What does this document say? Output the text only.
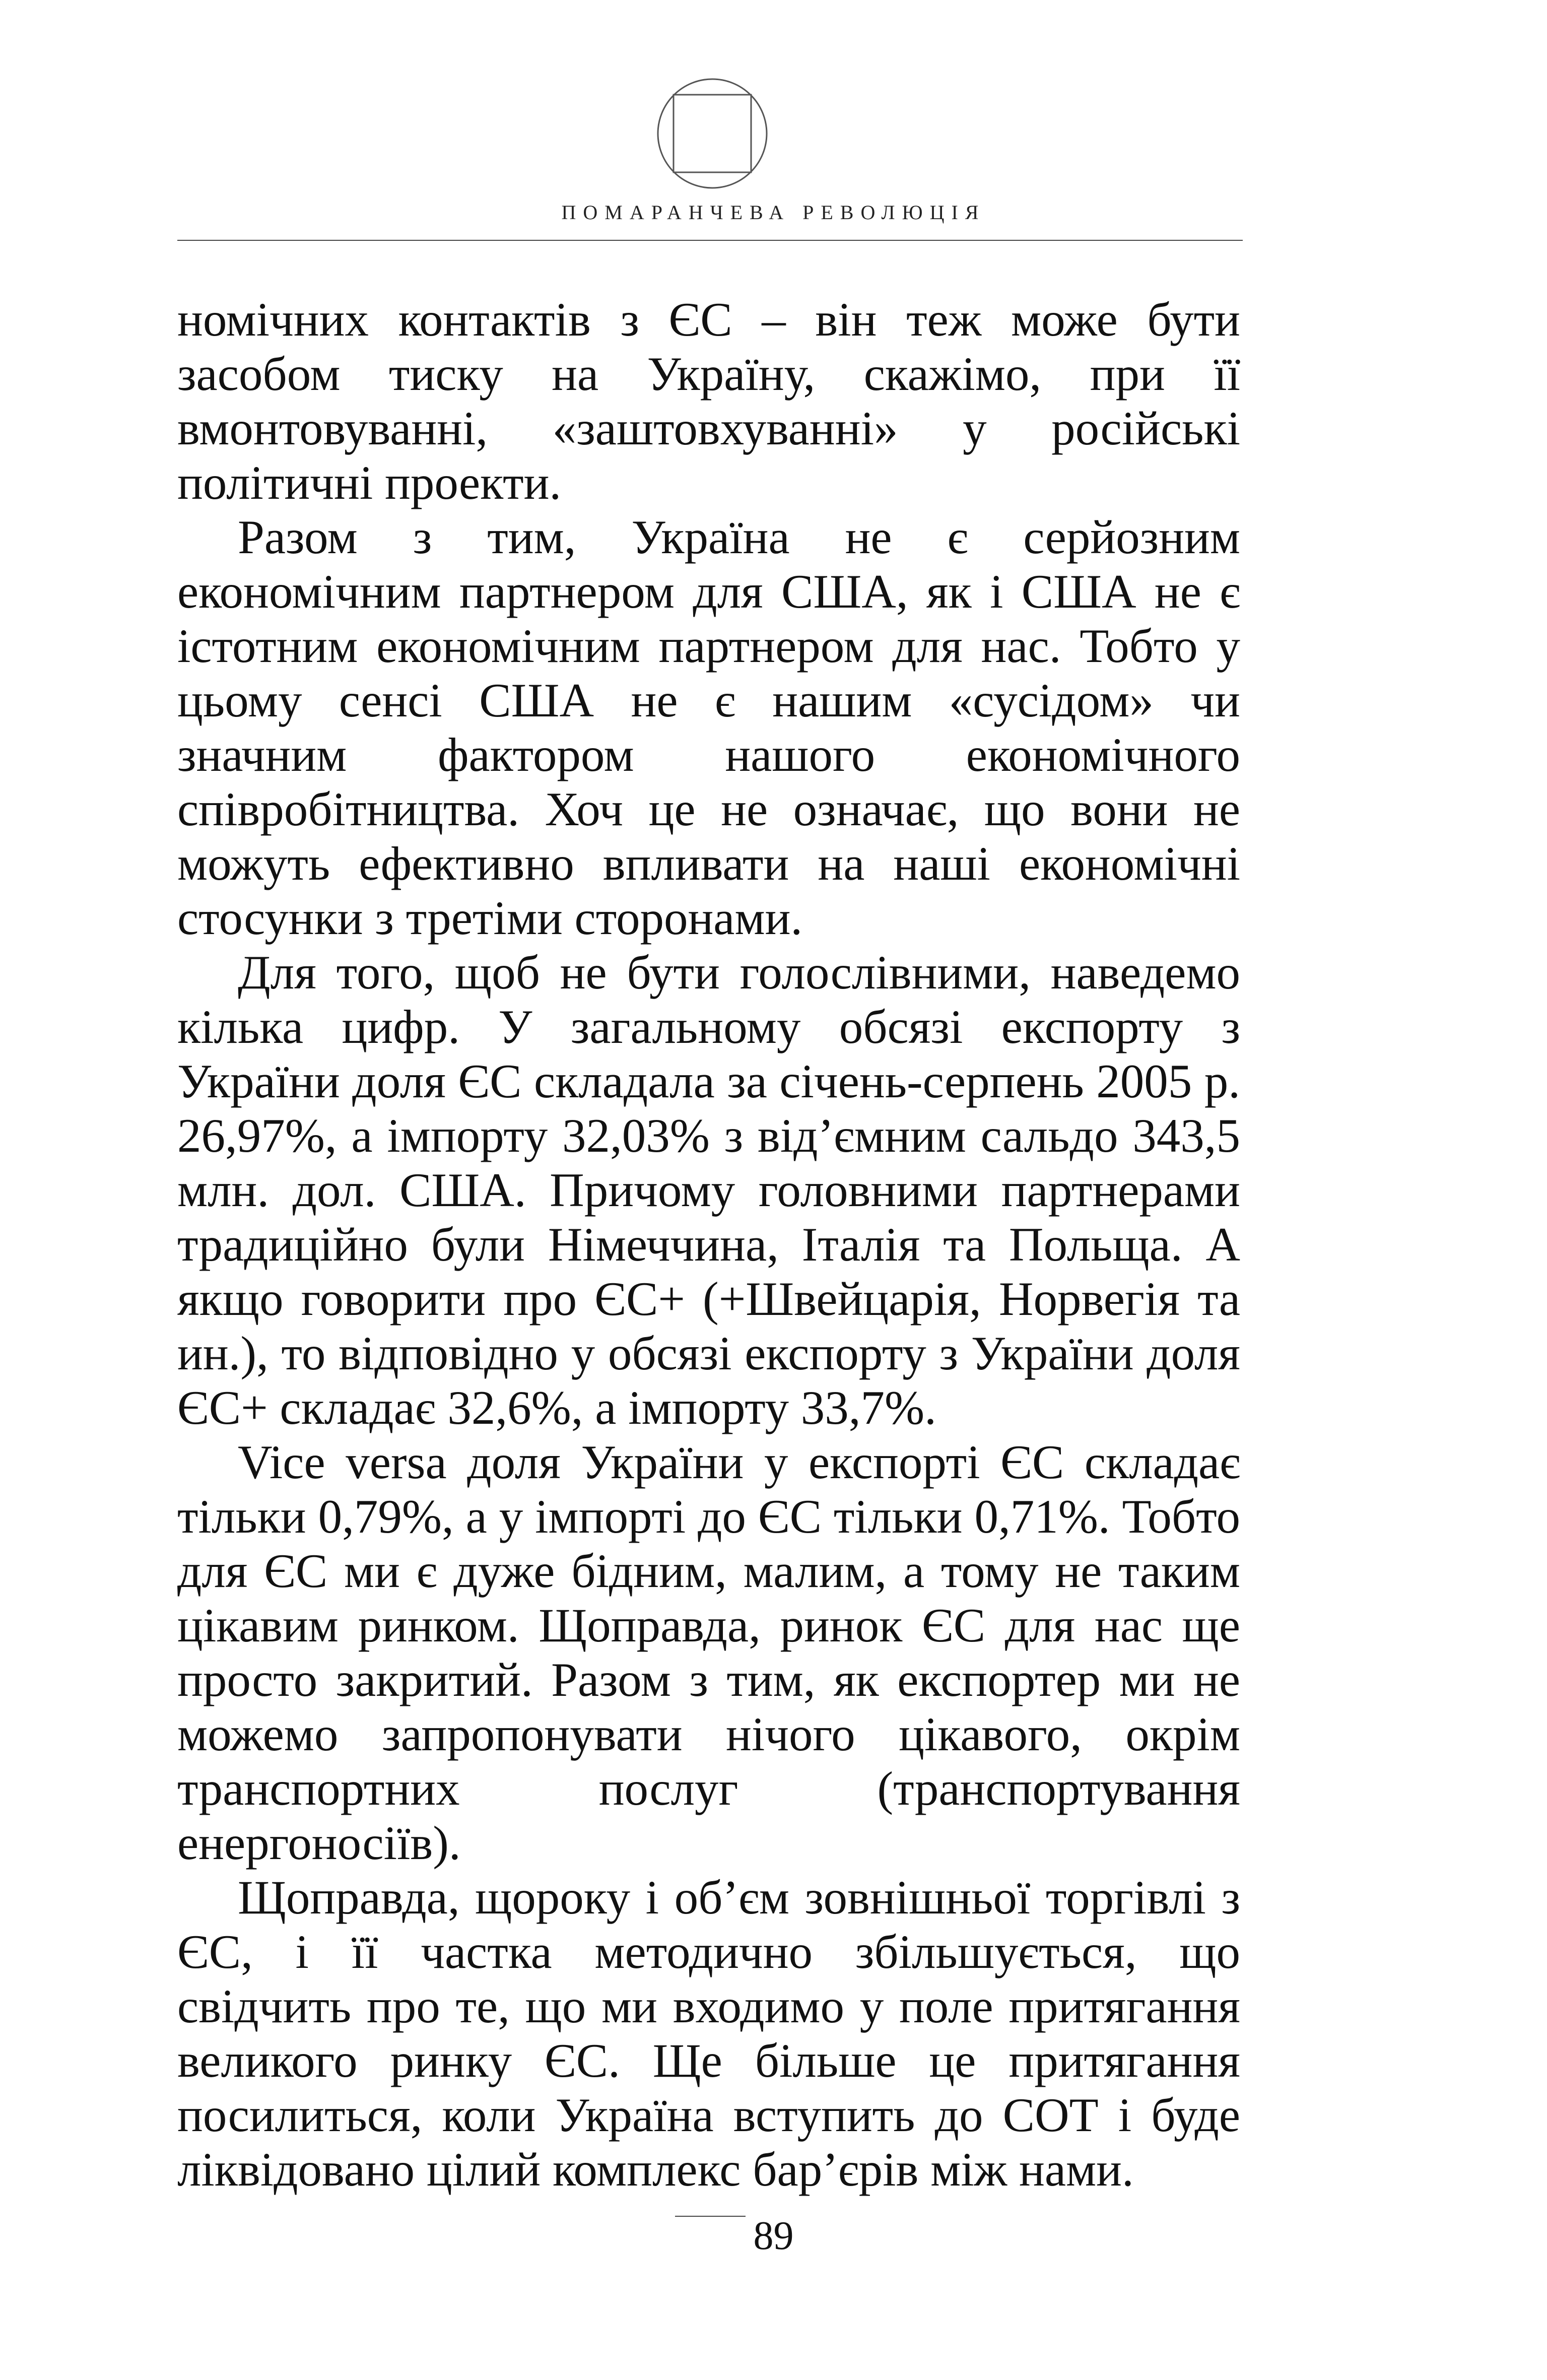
ПОМАРАНЧЕВА РЕВОЛЮЦІЯ

номічних контактів з ЄС – він теж може бути засобом тиску на Україну, скажімо, при її вмонтовуванні, «заштовхуванні» у російські політичні проекти.

Разом з тим, Україна не є серйозним економічним партнером для США, як і США не є істотним економічним партнером для нас. Тобто у цьому сенсі США не є нашим «сусідом» чи значним фактором нашого економічного співробітництва. Хоч це не означає, що вони не можуть ефективно впливати на наші економічні стосунки з третіми сторонами.

Для того, щоб не бути голослівними, наведемо кілька цифр. У загальному обсязі експорту з України доля ЄС складала за січень-серпень 2005 р. 26,97%, а імпорту 32,03% з від’ємним сальдо 343,5 млн. дол. США. Причому головними партнерами традиційно були Німеччина, Італія та Польща. А якщо говорити про ЄС+ (+Швейцарія, Норвегія та ин.), то відповідно у обсязі експорту з України доля ЄС+ складає 32,6%, а імпорту 33,7%.

Vice versa доля України у експорті ЄС складає тільки 0,79%, а у імпорті до ЄС тільки 0,71%. Тобто для ЄС ми є дуже бідним, малим, а тому не таким цікавим ринком. Щоправда, ринок ЄС для нас ще просто закритий. Разом з тим, як експортер ми не можемо запропонувати нічого цікавого, окрім транспортних послуг (транспортування енергоносіїв).

Щоправда, щороку і об’єм зовнішньої торгівлі з ЄС, і її частка методично збільшується, що свідчить про те, що ми входимо у поле притягання великого ринку ЄС. Ще більше це притягання посилиться, коли Україна вступить до СОТ і буде ліквідовано цілий комплекс бар’єрів між нами.

89
